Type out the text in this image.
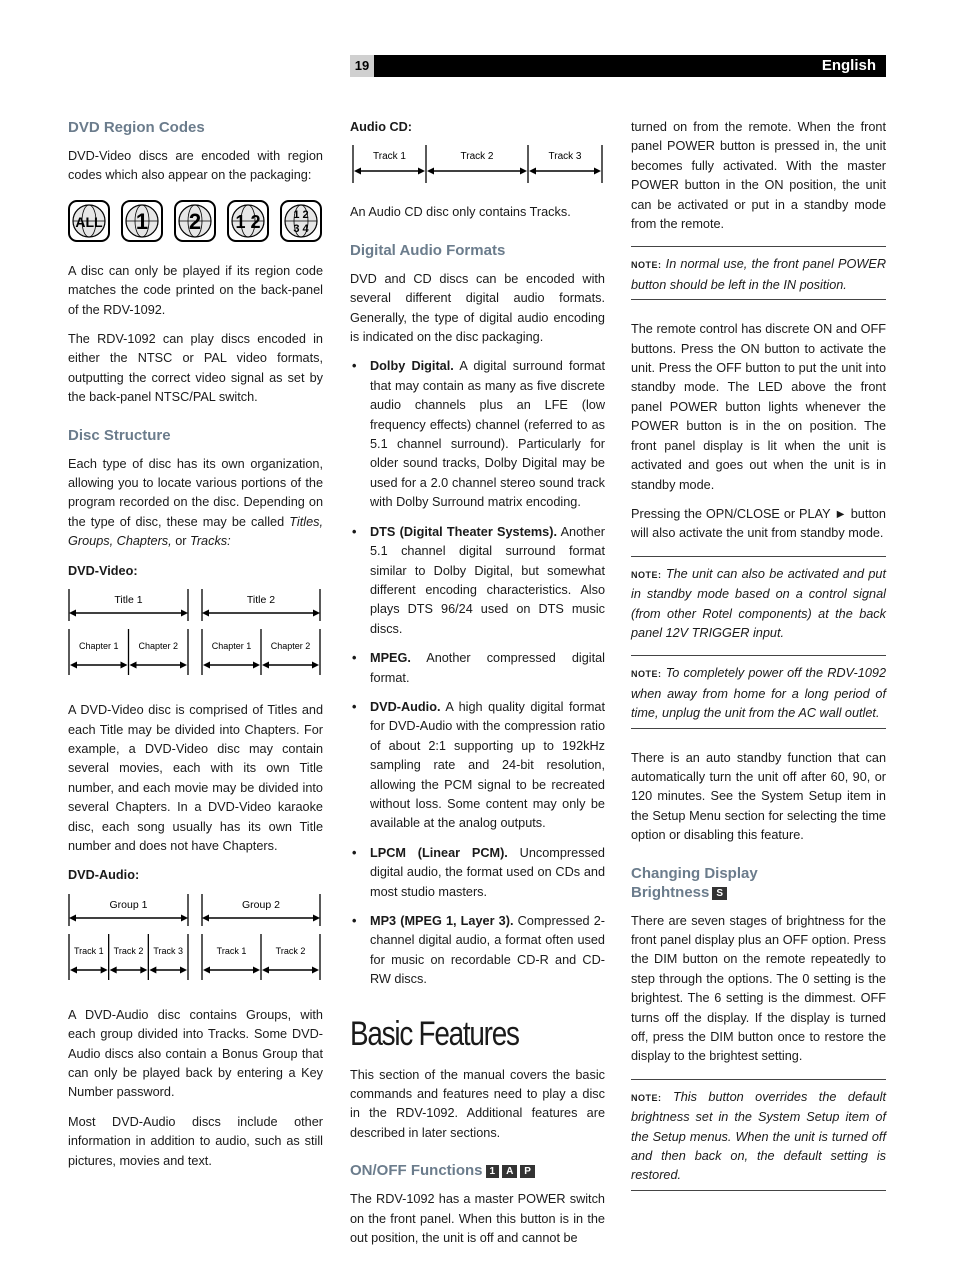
19	English
DVD Region Codes

DVD-Video discs are encoded with region codes which also appear on the packaging:

ALL 1 2 1 2	1 2 3 4

A disc can only be played if its region code matches the code printed on the back-panel of the RDV-1092.

The RDV-1092 can play discs encoded in either the NTSC or PAL video formats, outputting the correct video signal as set by the back-panel NTSC/PAL switch.

Disc Structure

Each type of disc has its own organization, allowing you to locate various portions of the program recorded on the disc. Depending on the type of disc, these may be called Titles, Groups, Chapters, or Tracks:

DVD-Video:
Title 1	Title 2
Chapter 1 Chapter 2	Chapter 1 Chapter 2

A DVD-Video disc is comprised of Titles and each Title may be divided into Chapters. For example, a DVD-Video disc may contain several movies, each with its own Title number, and each movie may be divided into several Chapters. In a DVD-Video karaoke disc, each song usually has its own Title number and does not have Chapters.

DVD-Audio:
Group 1	Group 2
Track 1 Track 2 Track 3	Track 1	Track 2

A DVD-Audio disc contains Groups, with each group divided into Tracks. Some DVD-Audio discs also contain a Bonus Group that can only be played back by entering a Key Number password.

Most DVD-Audio discs include other information in addition to audio, such as still pictures, movies and text.

Audio CD:
Track 1	Track 2	Track 3

An Audio CD disc only contains Tracks.

Digital Audio Formats

DVD and CD discs can be encoded with several different digital audio formats. Generally, the type of digital audio encoding is indicated on the disc packaging.

• Dolby Digital. A digital surround format that may contain as many as five discrete audio channels plus an LFE (low frequency effects) channel (referred to as 5.1 channel surround). Particularly for older sound tracks, Dolby Digital may be used for a 2.0 channel stereo sound track with Dolby Surround matrix encoding.
• DTS (Digital Theater Systems). Another 5.1 channel digital surround format similar to Dolby Digital, but somewhat different encoding characteristics. Also plays DTS 96/24 used on DTS music discs.
• MPEG. Another compressed digital format.
• DVD-Audio. A high quality digital format for DVD-Audio with the compression ratio of about 2:1 supporting up to 192kHz sampling rate and 24-bit resolution, allowing the PCM signal to be recreated without loss. Some content may only be available at the analog outputs.
• LPCM (Linear PCM). Uncompressed digital audio, the format used on CDs and most studio masters.
• MP3 (MPEG 1, Layer 3). Compressed 2-channel digital audio, a format often used for music on recordable CD-R and CD-RW discs.
Basic Features

This section of the manual covers the basic commands and features need to play a disc in the RDV-1092. Additional features are described in later sections.

ON/OFF Functions 1 A P

The RDV-1092 has a master POWER switch on the front panel. When this button is in the out position, the unit is off and cannot be

turned on from the remote. When the front panel POWER button is pressed in, the unit becomes fully activated. With the master POWER button in the ON position, the unit can be activated or put in a standby mode from the remote.

NOTE: In normal use, the front panel POWER button should be left in the IN position.

The remote control has discrete ON and OFF buttons. Press the ON button to activate the unit. Press the OFF button to put the unit into standby mode. The LED above the front panel POWER button lights whenever the POWER button is in the on position. The front panel display is lit when the unit is activated and goes out when the unit is in standby mode.

Pressing the OPN/CLOSE or PLAY ► button will also activate the unit from standby mode.

NOTE: The unit can also be activated and put in standby mode based on a control signal (from other Rotel components) at the back panel 12V TRIGGER input.
NOTE: To completely power off the RDV-1092 when away from home for a long period of time, unplug the unit from the AC wall outlet.

There is an auto standby function that can automatically turn the unit off after 60, 90, or 120 minutes. See the System Setup item in the Setup Menu section for selecting the time option or disabling this feature.

Changing Display
Brightness S

There are seven stages of brightness for the front panel display plus an OFF option. Press the DIM button on the remote repeatedly to step through the options. The 0 setting is the brightest. The 6 setting is the dimmest. OFF turns off the display. If the display is turned off, press the DIM button once to restore the display to the brightest setting.

NOTE: This button overrides the default brightness set in the System Setup item of the Setup menus. When the unit is turned off and then back on, the default setting is restored.
